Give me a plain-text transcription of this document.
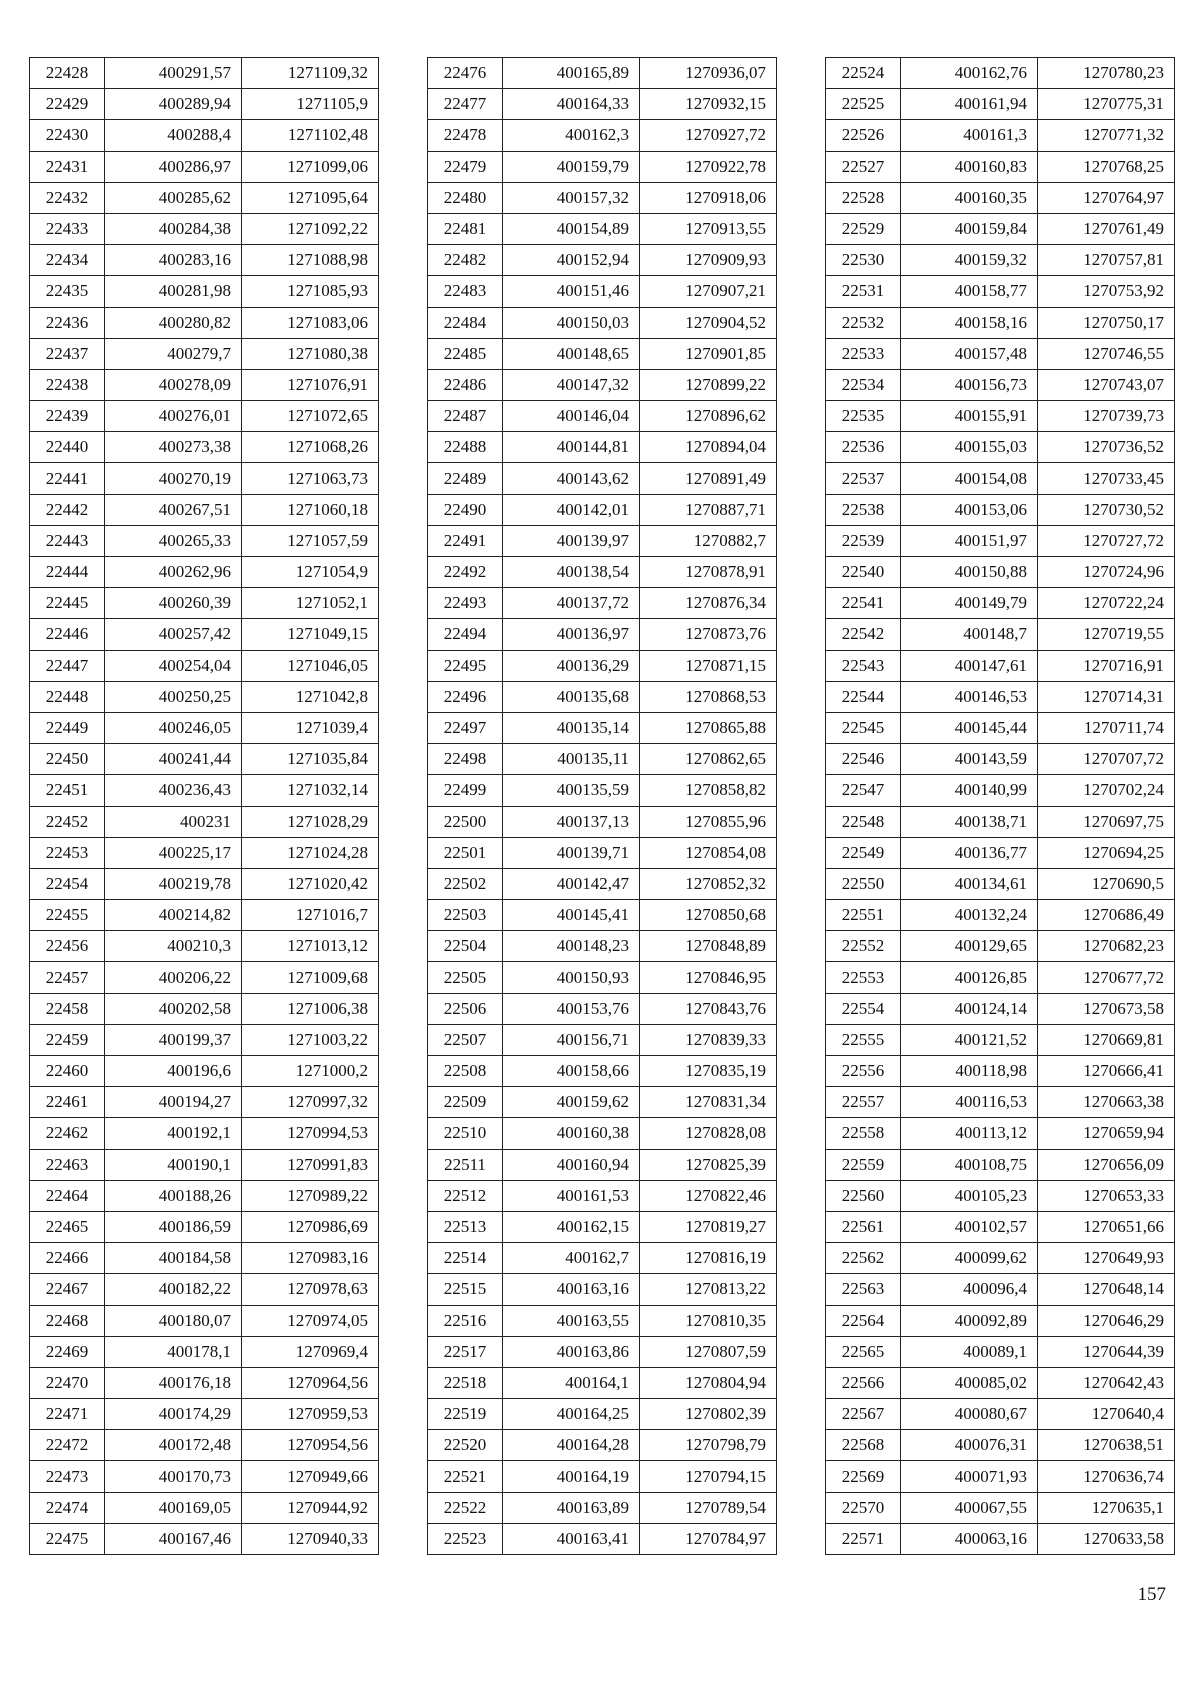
22428	400291,57	1271109,32
22429	400289,94	1271105,9
22430	400288,4	1271102,48
22431	400286,97	1271099,06
22432	400285,62	1271095,64
22433	400284,38	1271092,22
22434	400283,16	1271088,98
22435	400281,98	1271085,93
22436	400280,82	1271083,06
22437	400279,7	1271080,38
22438	400278,09	1271076,91
22439	400276,01	1271072,65
22440	400273,38	1271068,26
22441	400270,19	1271063,73
22442	400267,51	1271060,18
22443	400265,33	1271057,59
22444	400262,96	1271054,9
22445	400260,39	1271052,1
22446	400257,42	1271049,15
22447	400254,04	1271046,05
22448	400250,25	1271042,8
22449	400246,05	1271039,4
22450	400241,44	1271035,84
22451	400236,43	1271032,14
22452	400231	1271028,29
22453	400225,17	1271024,28
22454	400219,78	1271020,42
22455	400214,82	1271016,7
22456	400210,3	1271013,12
22457	400206,22	1271009,68
22458	400202,58	1271006,38
22459	400199,37	1271003,22
22460	400196,6	1271000,2
22461	400194,27	1270997,32
22462	400192,1	1270994,53
22463	400190,1	1270991,83
22464	400188,26	1270989,22
22465	400186,59	1270986,69
22466	400184,58	1270983,16
22467	400182,22	1270978,63
22468	400180,07	1270974,05
22469	400178,1	1270969,4
22470	400176,18	1270964,56
22471	400174,29	1270959,53
22472	400172,48	1270954,56
22473	400170,73	1270949,66
22474	400169,05	1270944,92
22475	400167,46	1270940,33
22476	400165,89	1270936,07
22477	400164,33	1270932,15
22478	400162,3	1270927,72
22479	400159,79	1270922,78
22480	400157,32	1270918,06
22481	400154,89	1270913,55
22482	400152,94	1270909,93
22483	400151,46	1270907,21
22484	400150,03	1270904,52
22485	400148,65	1270901,85
22486	400147,32	1270899,22
22487	400146,04	1270896,62
22488	400144,81	1270894,04
22489	400143,62	1270891,49
22490	400142,01	1270887,71
22491	400139,97	1270882,7
22492	400138,54	1270878,91
22493	400137,72	1270876,34
22494	400136,97	1270873,76
22495	400136,29	1270871,15
22496	400135,68	1270868,53
22497	400135,14	1270865,88
22498	400135,11	1270862,65
22499	400135,59	1270858,82
22500	400137,13	1270855,96
22501	400139,71	1270854,08
22502	400142,47	1270852,32
22503	400145,41	1270850,68
22504	400148,23	1270848,89
22505	400150,93	1270846,95
22506	400153,76	1270843,76
22507	400156,71	1270839,33
22508	400158,66	1270835,19
22509	400159,62	1270831,34
22510	400160,38	1270828,08
22511	400160,94	1270825,39
22512	400161,53	1270822,46
22513	400162,15	1270819,27
22514	400162,7	1270816,19
22515	400163,16	1270813,22
22516	400163,55	1270810,35
22517	400163,86	1270807,59
22518	400164,1	1270804,94
22519	400164,25	1270802,39
22520	400164,28	1270798,79
22521	400164,19	1270794,15
22522	400163,89	1270789,54
22523	400163,41	1270784,97
22524	400162,76	1270780,23
22525	400161,94	1270775,31
22526	400161,3	1270771,32
22527	400160,83	1270768,25
22528	400160,35	1270764,97
22529	400159,84	1270761,49
22530	400159,32	1270757,81
22531	400158,77	1270753,92
22532	400158,16	1270750,17
22533	400157,48	1270746,55
22534	400156,73	1270743,07
22535	400155,91	1270739,73
22536	400155,03	1270736,52
22537	400154,08	1270733,45
22538	400153,06	1270730,52
22539	400151,97	1270727,72
22540	400150,88	1270724,96
22541	400149,79	1270722,24
22542	400148,7	1270719,55
22543	400147,61	1270716,91
22544	400146,53	1270714,31
22545	400145,44	1270711,74
22546	400143,59	1270707,72
22547	400140,99	1270702,24
22548	400138,71	1270697,75
22549	400136,77	1270694,25
22550	400134,61	1270690,5
22551	400132,24	1270686,49
22552	400129,65	1270682,23
22553	400126,85	1270677,72
22554	400124,14	1270673,58
22555	400121,52	1270669,81
22556	400118,98	1270666,41
22557	400116,53	1270663,38
22558	400113,12	1270659,94
22559	400108,75	1270656,09
22560	400105,23	1270653,33
22561	400102,57	1270651,66
22562	400099,62	1270649,93
22563	400096,4	1270648,14
22564	400092,89	1270646,29
22565	400089,1	1270644,39
22566	400085,02	1270642,43
22567	400080,67	1270640,4
22568	400076,31	1270638,51
22569	400071,93	1270636,74
22570	400067,55	1270635,1
22571	400063,16	1270633,58
157
